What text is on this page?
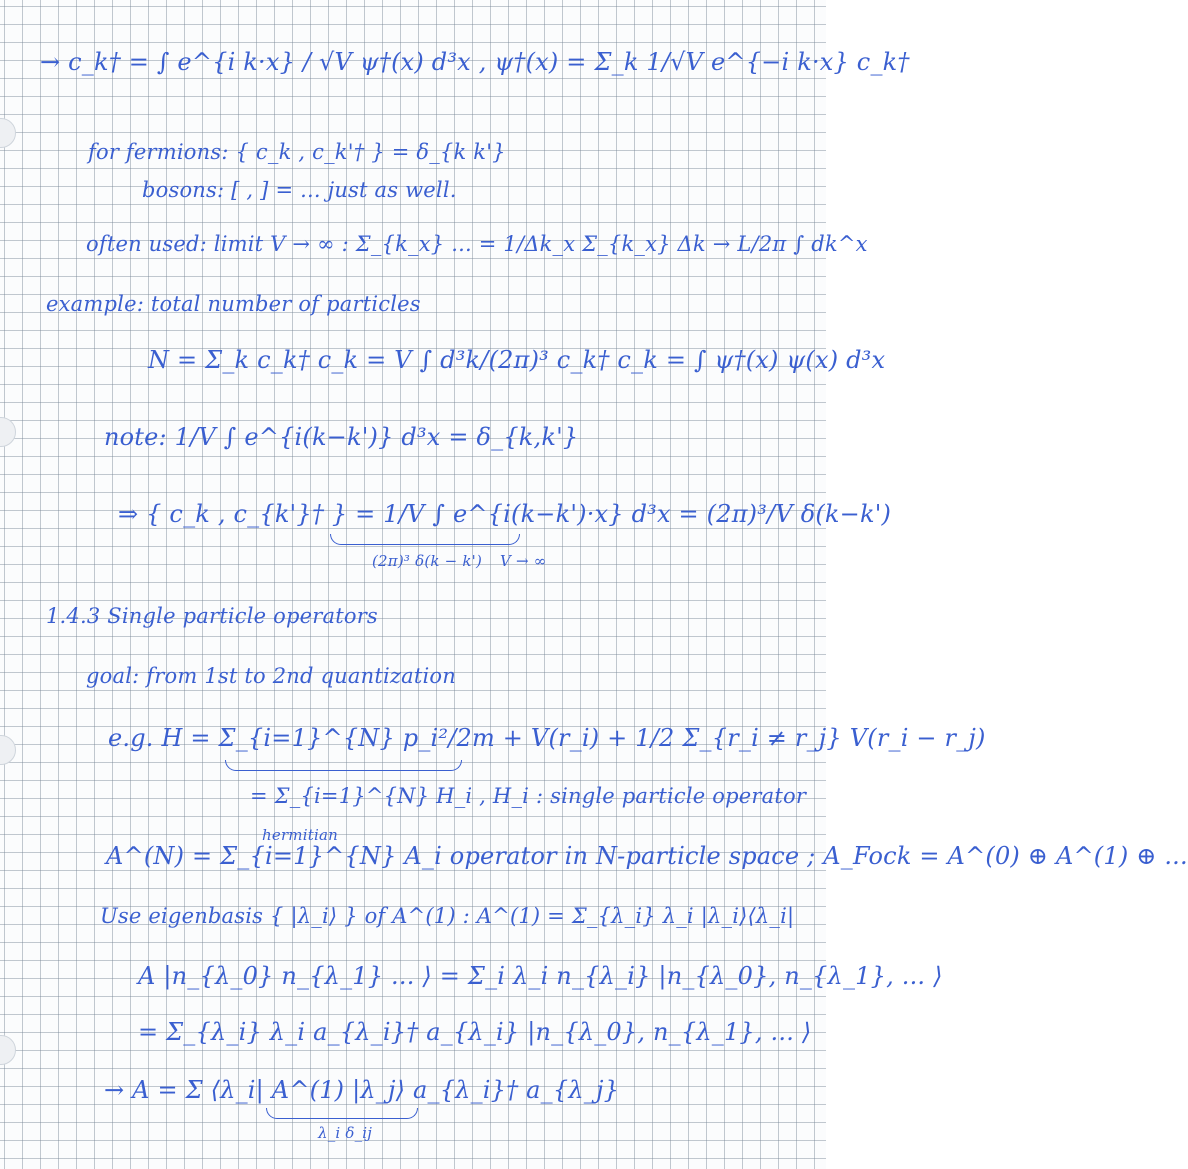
→ c_k† = ∫ e^{i k·x} / √V ψ†(x) d³x , ψ†(x) = Σ_k 1/√V e^{−i k·x} c_k†
for fermions: { c_k , c_k'† } = δ_{k k'}
bosons: [ , ] = ... just as well.
often used: limit V → ∞ : Σ_{k_x} ... = 1/Δk_x Σ_{k_x} Δk → L/2π ∫ dk^x
example: total number of particles
N = Σ_k c_k† c_k = V ∫ d³k/(2π)³ c_k† c_k = ∫ ψ†(x) ψ(x) d³x
note: 1/V ∫ e^{i(k−k')} d³x = δ_{k,k'}
⇒ { c_k , c_{k'}† } = 1/V ∫ e^{i(k−k')·x} d³x = (2π)³/V δ(k−k')
(2π)³ δ(k − k') V → ∞
1.4.3 Single particle operators
goal: from 1st to 2nd quantization
e.g. H = Σ_{i=1}^{N} p_i²/2m + V(r_i) + 1/2 Σ_{r_i ≠ r_j} V(r_i − r_j)
= Σ_{i=1}^{N} H_i , H_i : single particle operator
hermitian
A^(N) = Σ_{i=1}^{N} A_i operator in N-particle space ; A_Fock = A^(0) ⊕ A^(1) ⊕ ...
Use eigenbasis { |λ_i⟩ } of A^(1) : A^(1) = Σ_{λ_i} λ_i |λ_i⟩⟨λ_i|
A |n_{λ_0} n_{λ_1} ... ⟩ = Σ_i λ_i n_{λ_i} |n_{λ_0}, n_{λ_1}, ... ⟩
= Σ_{λ_i} λ_i a_{λ_i}† a_{λ_i} |n_{λ_0}, n_{λ_1}, ... ⟩
→ A = Σ ⟨λ_i| A^(1) |λ_j⟩ a_{λ_i}† a_{λ_j}
λ_i δ_ij
